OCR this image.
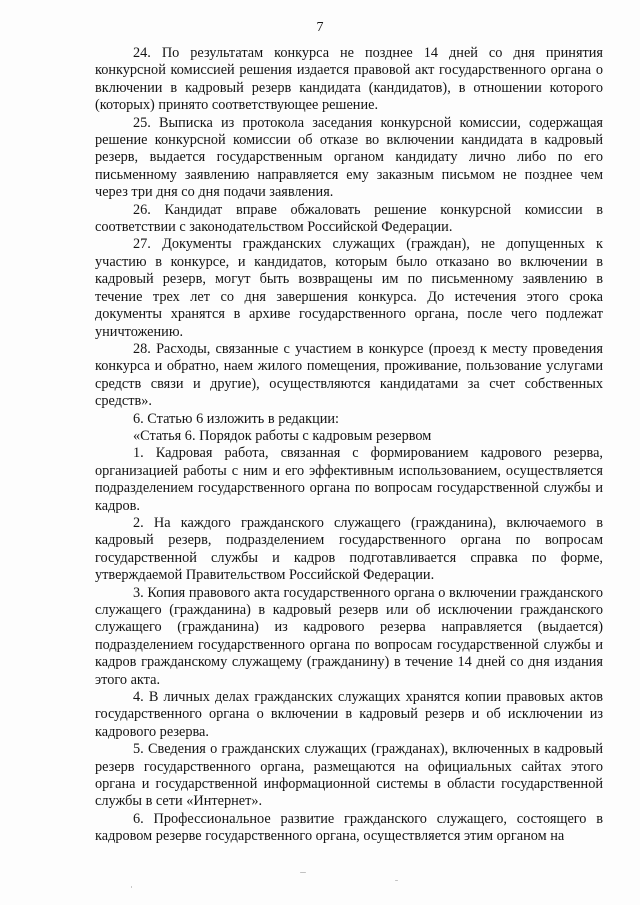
7

24. По результатам конкурса не позднее 14 дней со дня принятия конкурсной комиссией решения издается правовой акт государственного органа о включении в кадровый резерв кандидата (кандидатов), в отношении которого (которых) принято соответствующее решение.

25. Выписка из протокола заседания конкурсной комиссии, содержащая решение конкурсной комиссии об отказе во включении кандидата в кадровый резерв, выдается государственным органом кандидату лично либо по его письменному заявлению направляется ему заказным письмом не позднее чем через три дня со дня подачи заявления.

26. Кандидат вправе обжаловать решение конкурсной комиссии в соответствии с законодательством Российской Федерации.

27. Документы гражданских служащих (граждан), не допущенных к участию в конкурсе, и кандидатов, которым было отказано во включении в кадровый резерв, могут быть возвращены им по письменному заявлению в течение трех лет со дня завершения конкурса. До истечения этого срока документы хранятся в архиве государственного органа, после чего подлежат уничтожению.

28. Расходы, связанные с участием в конкурсе (проезд к месту проведения конкурса и обратно, наем жилого помещения, проживание, пользование услугами средств связи и другие), осуществляются кандидатами за счет собственных средств».

6. Статью 6 изложить в редакции:

«Статья 6. Порядок работы с кадровым резервом

1. Кадровая работа, связанная с формированием кадрового резерва, организацией работы с ним и его эффективным использованием, осуществляется подразделением государственного органа по вопросам государственной службы и кадров.

2. На каждого гражданского служащего (гражданина), включаемого в кадровый резерв, подразделением государственного органа по вопросам государственной службы и кадров подготавливается справка по форме, утверждаемой Правительством Российской Федерации.

3. Копия правового акта государственного органа о включении гражданского служащего (гражданина) в кадровый резерв или об исключении гражданского служащего (гражданина) из кадрового резерва направляется (выдается) подразделением государственного органа по вопросам государственной службы и кадров гражданскому служащему (гражданину) в течение 14 дней со дня издания этого акта.

4. В личных делах гражданских служащих хранятся копии правовых актов государственного органа о включении в кадровый резерв и об исключении из кадрового резерва.

5. Сведения о гражданских служащих (гражданах), включенных в кадровый резерв государственного органа, размещаются на официальных сайтах этого органа и государственной информационной системы в области государственной службы в сети «Интернет».

6. Профессиональное развитие гражданского служащего, состоящего в кадровом резерве государственного органа, осуществляется этим органом на
